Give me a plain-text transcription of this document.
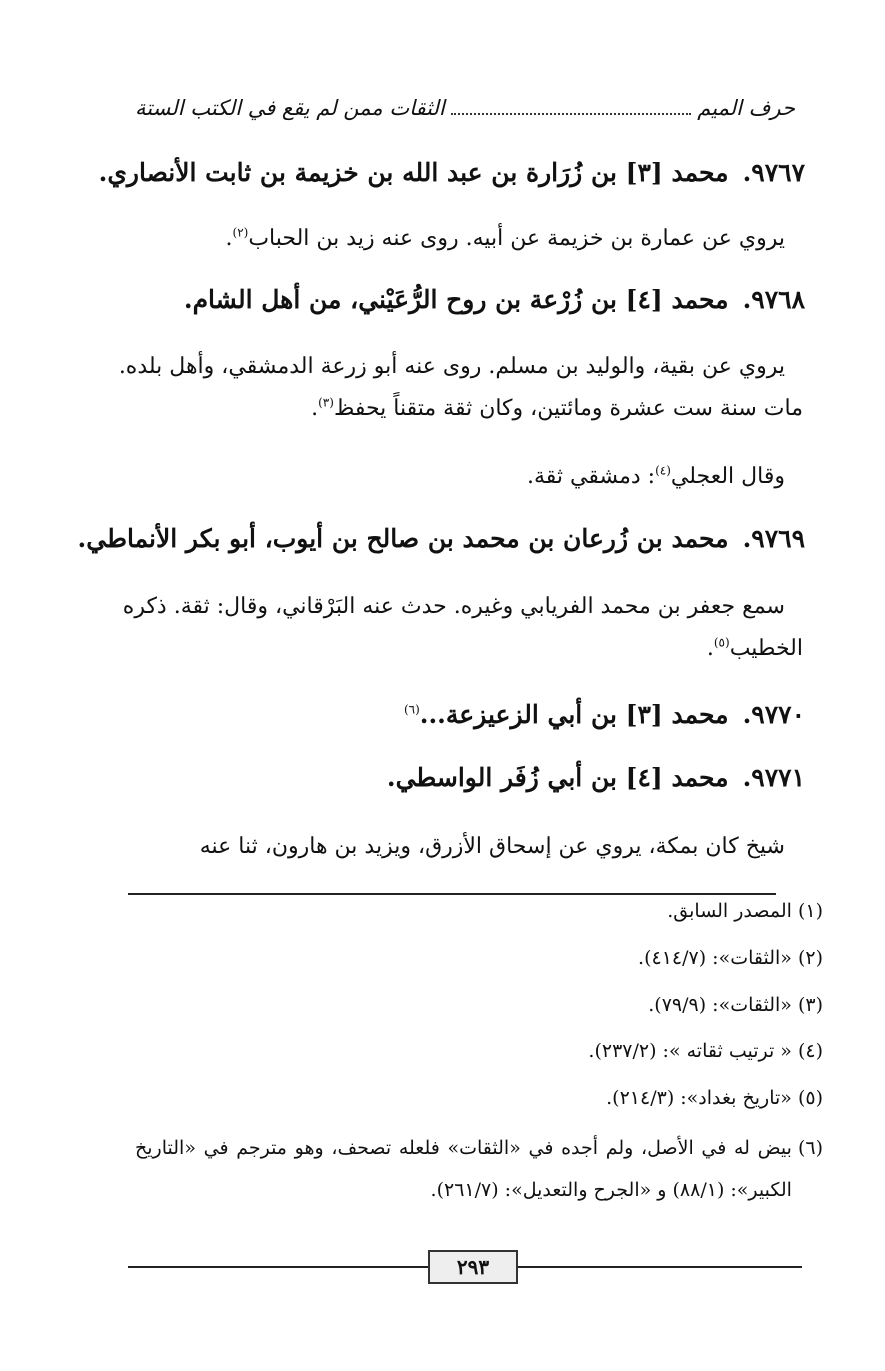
حرف الميم
الثقات ممن لم يقع في الكتب الستة
٩٧٦٧.
محمد [٣] بن زُرَارة بن عبد الله بن خزيمة بن ثابت الأنصاري.
يروي عن عمارة بن خزيمة عن أبيه. روى عنه زيد بن الحباب$^{(٢)}$.
٩٧٦٨.
محمد [٤] بن زُرْعة بن روح الرُّعَيْني، من أهل الشام.
يروي عن بقية، والوليد بن مسلم. روى عنه أبو زرعة الدمشقي، وأهل بلده.
مات سنة ست عشرة ومائتين، وكان ثقة متقناً يحفظ$^{(٣)}$.
وقال العجلي$^{(٤)}$: دمشقي ثقة.
٩٧٦٩.
محمد بن زُرعان بن محمد بن صالح بن أيوب، أبو بكر الأنماطي.
سمع جعفر بن محمد الفريابي وغيره. حدث عنه البَرْقاني، وقال: ثقة. ذكره
الخطيب$^{(٥)}$.
٩٧٧٠.
محمد [٣] بن أبي الزعيزعة...$^{(٦)}$
٩٧٧١.
محمد [٤] بن أبي زُفَر الواسطي.
شيخ كان بمكة، يروي عن إسحاق الأزرق، ويزيد بن هارون، ثنا عنه
(١)
المصدر السابق.
(٢)
«الثقات»: (٤١٤/٧).
(٣)
«الثقات»: (٧٩/٩).
(٤)
« ترتيب ثقاته »: (٢٣٧/٢).
(٥)
«تاريخ بغداد»: (٢١٤/٣).
(٦)
بيض له في الأصل، ولم أجده في «الثقات» فلعله تصحف، وهو مترجم في «التاريخ الكبير»: (٨٨/١) و «الجرح والتعديل»: (٢٦١/٧).
٢٩٣
